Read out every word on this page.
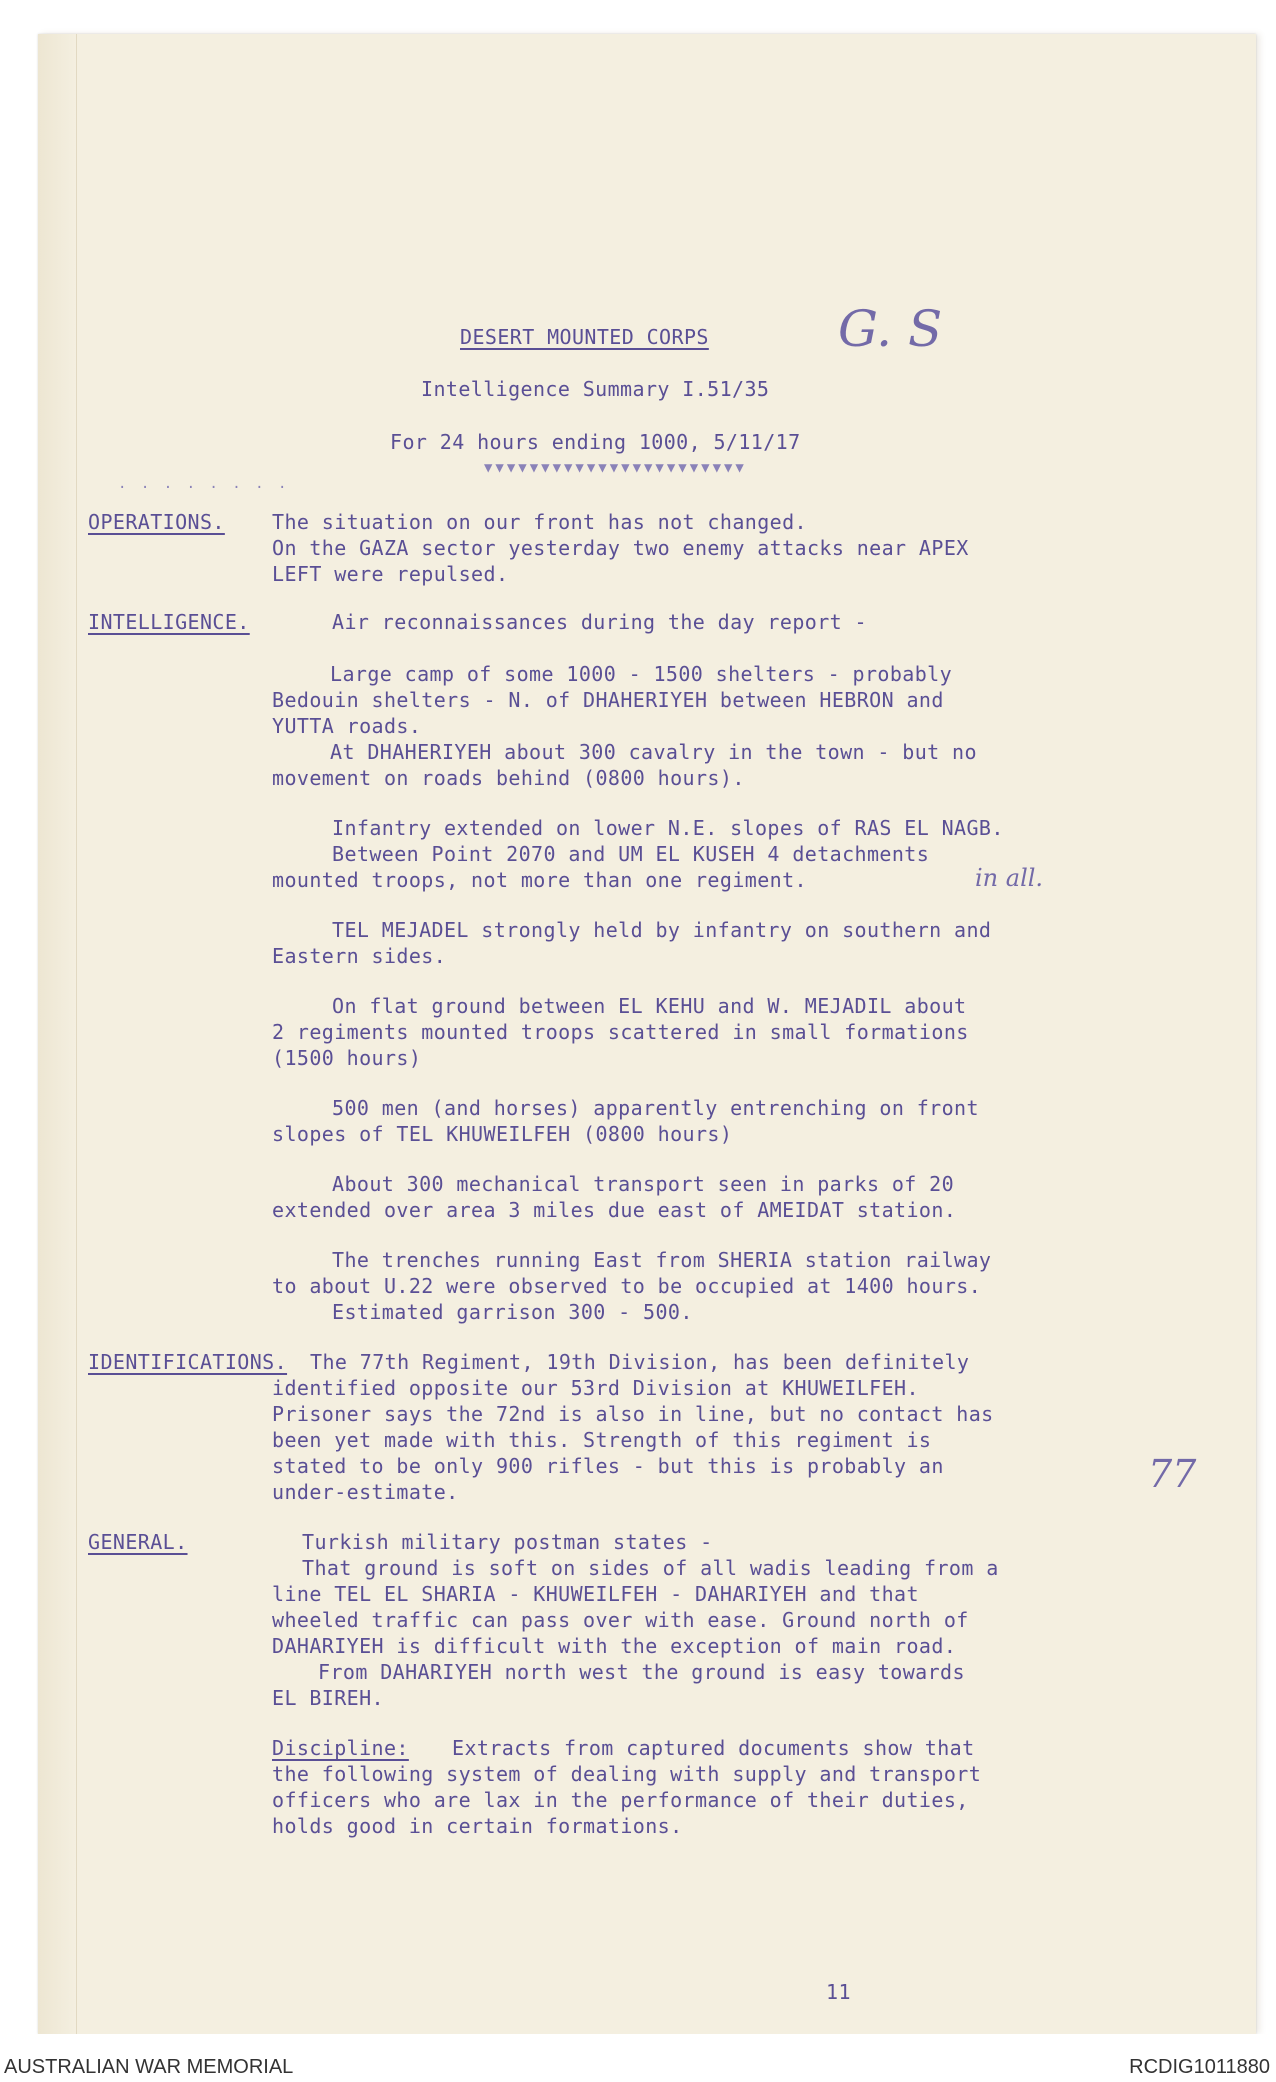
DESERT MOUNTED CORPS	G. S
Intelligence Summary I.51/35
For 24 hours ending 1000, 5/11/17
▼▼▼▼▼▼▼▼▼▼▼▼▼▼▼▼▼▼▼▼▼▼▼
. . . . . . . .
OPERATIONS. The situation on our front has not changed.
On the GAZA sector yesterday two enemy attacks near APEX
LEFT were repulsed.
INTELLIGENCE.	Air reconnaissances during the day report -
Large camp of some 1000 - 1500 shelters - probably
Bedouin shelters - N. of DHAHERIYEH between HEBRON and
YUTTA roads.
At DHAHERIYEH about 300 cavalry in the town - but no
movement on roads behind (0800 hours).
Infantry extended on lower N.E. slopes of RAS EL NAGB.
Between Point 2070 and UM EL KUSEH 4 detachments
mounted troops, not more than one regiment.	in all.
TEL MEJADEL strongly held by infantry on southern and
Eastern sides.
On flat ground between EL KEHU and W. MEJADIL about
2 regiments mounted troops scattered in small formations
(1500 hours)
500 men (and horses) apparently entrenching on front
slopes of TEL KHUWEILFEH (0800 hours)
About 300 mechanical transport seen in parks of 20
extended over area 3 miles due east of AMEIDAT station.
The trenches running East from SHERIA station railway
to about U.22 were observed to be occupied at 1400 hours.
Estimated garrison 300 - 500.
IDENTIFICATIONS. The 77th Regiment, 19th Division, has been definitely
identified opposite our 53rd Division at KHUWEILFEH.
Prisoner says the 72nd is also in line, but no contact has
been yet made with this. Strength of this regiment is
stated to be only 900 rifles - but this is probably an
under-estimate.	77
GENERAL.	Turkish military postman states -
That ground is soft on sides of all wadis leading from a
line TEL EL SHARIA - KHUWEILFEH - DAHARIYEH and that
wheeled traffic can pass over with ease. Ground north of
DAHARIYEH is difficult with the exception of main road.
From DAHARIYEH north west the ground is easy towards
EL BIREH.
Discipline: Extracts from captured documents show that
the following system of dealing with supply and transport
officers who are lax in the performance of their duties,
holds good in certain formations.
11
AUSTRALIAN WAR MEMORIAL	RCDIG1011880
